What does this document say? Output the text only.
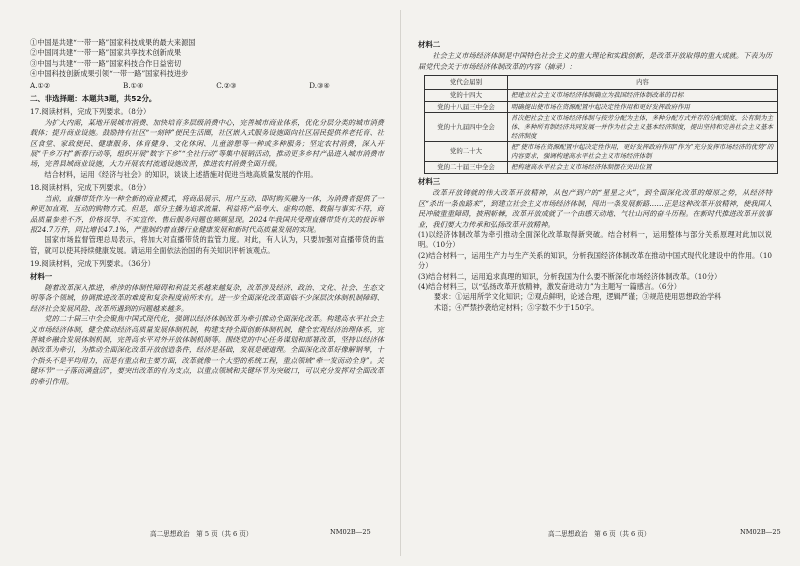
①中国是共建“一带一路”国家科技成果的最大来源国

②中国同共建“一带一路”国家共享技术创新成果

③中国与共建“一带一路”国家科技合作日益密切

④中国科技创新成果引领“一带一路”国家科技进步

A.①②	B.①④	C.②③	D.③④
二、非选择题：本题共3题，共52分。
17.阅读材料，完成下列要求。（8分）

为扩大内需，某地开展城市消费、加快培育多层级消费中心，完善城市商业体系，优化分层分类的城市消费载体；提升商业设施。鼓励持有社区“一刻钟”便民生活圈，社区嵌入式服务设施面向社区居民提供养老托育、社区食堂、家政便民、健康服务、体育健身、文化休闲、儿童游憩等一种或多种服务；坚定农村消费，深入开展“千乡万村”新春行动等，组织开展“数字下乡”“全社行动”等集中展销活动，推动更多乡村产品进入城市消费市场，完善县域商业设施，大力开展农村流通设施改善，推进农村消费全面升级。

结合材料，运用《经济与社会》的知识，谈谈上述措施对促进当地高质量发展的作用。

18.阅读材料，完成下列要求。（8分）

当前，直播带货作为一种全新的商业模式，将商品展示、用户互动、即时购买融为一体，为消费者提供了一种更加直观、互动的购物方式。但是，部分主播为追求流量、利益将产品夸大、虚构功能、数据与事实不符，商品质量参差不齐，价格误导、不实宣传、售后服务问题也频频显现。2024年我国共受理直播带货有关的投诉举报24.7万件，同比增长47.1%，严重制约着直播行业健康发展和新时代高质量发展的实现。

国家市场监督管理总局表示，将加大对直播带货的监管力度。对此，有人认为，只要加强对直播带货的监管，就可以使其持续健康发展。请运用全面依法治国的有关知识评析该观点。

19.阅读材料，完成下列要求。（36分）
材料一

随着改革深入推进，牵涉的体制性障碍和利益关系越来越复杂，改革涉及经济、政治、文化、社会、生态文明等各个领域，协调推进改革的难度和复杂程度前所未有。进一步全面深化改革面临不少深层次体制机制障碍、经济社会发展风险、改革所遇到的问题越来越多。

党的二十届三中全会聚焦中国式现代化，强调以经济体制改革为牵引推动全面深化改革。构建高水平社会主义市场经济体制，健全推动经济高质量发展体制机制，构建支持全面创新体制机制，健全宏观经济治理体系，完善城乡融合发展体制机制，完善高水平对外开放体制机制等。围绕党的中心任务谋划和部署改革，坚持以经济体制改革为牵引，为推动全面深化改革开放创造条件，经济是基础，发展是硬道理。全面深化改革好像解钢琴，十个指头不是平均用力，而是有重点和主要方面，改革就像一个大型的系统工程，重点领域“牵一发而动全身”。关键环节“一子落而满盘活”，要突出改革的有为支点，以重点领域和关键环节为突破口，可以充分发挥对全面改革的牵引作用。

高二思想政治　第 5 页（共 6 页）	NM02B—25
材料二

社会主义市场经济体制是中国特色社会主义的重大理论和实践创新，是改革开放取得的重大成就。下表为历届党代会关于市场经济体制改革的内容（摘录）：

党代会届别	内容
党的十四大	把建立社会主义市场经济体制确立为我国经济体制改革的目标
党的十八届三中全会	明确提出使市场在资源配置中起决定性作用和更好发挥政府作用
党的十九届四中全会	首次把社会主义市场经济体制与按劳分配为主体，多种分配方式并存的分配制度、公有制为主体、多种所有制经济共同发展一并作为社会主义基本经济制度，提出坚持和完善社会主义基本经济制度
党的二十大	把“使市场在资源配置中起决定性作用，更好发挥政府作用”作为“充分发挥市场经济的优势”的内容要求，强调构建高水平社会主义市场经济体制
党的二十届三中全会	把构建高水平社会主义市场经济体制摆在突出位置
材料三

改革开放铸就的伟大改革开放精神，从包产到户的“星星之火”，到全面深化改革的燎原之势，从经济特区“杀出一条血路来”，到建立社会主义市场经济体制，闯出一条发展新路……正是这种改革开放精神，使我国人民冲破重重障碍，披荆斩棘，改革开放成就了一个由感天动地、气壮山河的奋斗历程。在新时代推进改革开放事业，我们要大力传承和弘扬改革开放精神。

(1)以经济体制改革为牵引推动全面深化改革取得新突破。结合材料一，运用整体与部分关系原理对此加以说明。（10分）

(2)结合材料一，运用生产力与生产关系的知识，分析我国经济体制改革在推动中国式现代化建设中的作用。（10分）

(3)结合材料二，运用追求真理的知识，分析我国为什么要不断深化市场经济体制改革。（10分）

(4)结合材料三，以“弘扬改革开放精神，激发奋进动力”为主题写一篇感言。（6分）

要求：①运用所学文化知识；②观点鲜明，论述合理，逻辑严谨；③规范使用思想政治学科

术语；④严禁抄袭给定材料；⑤字数不少于150字。

高二思想政治　第 6 页（共 6 页）	NM02B—25
